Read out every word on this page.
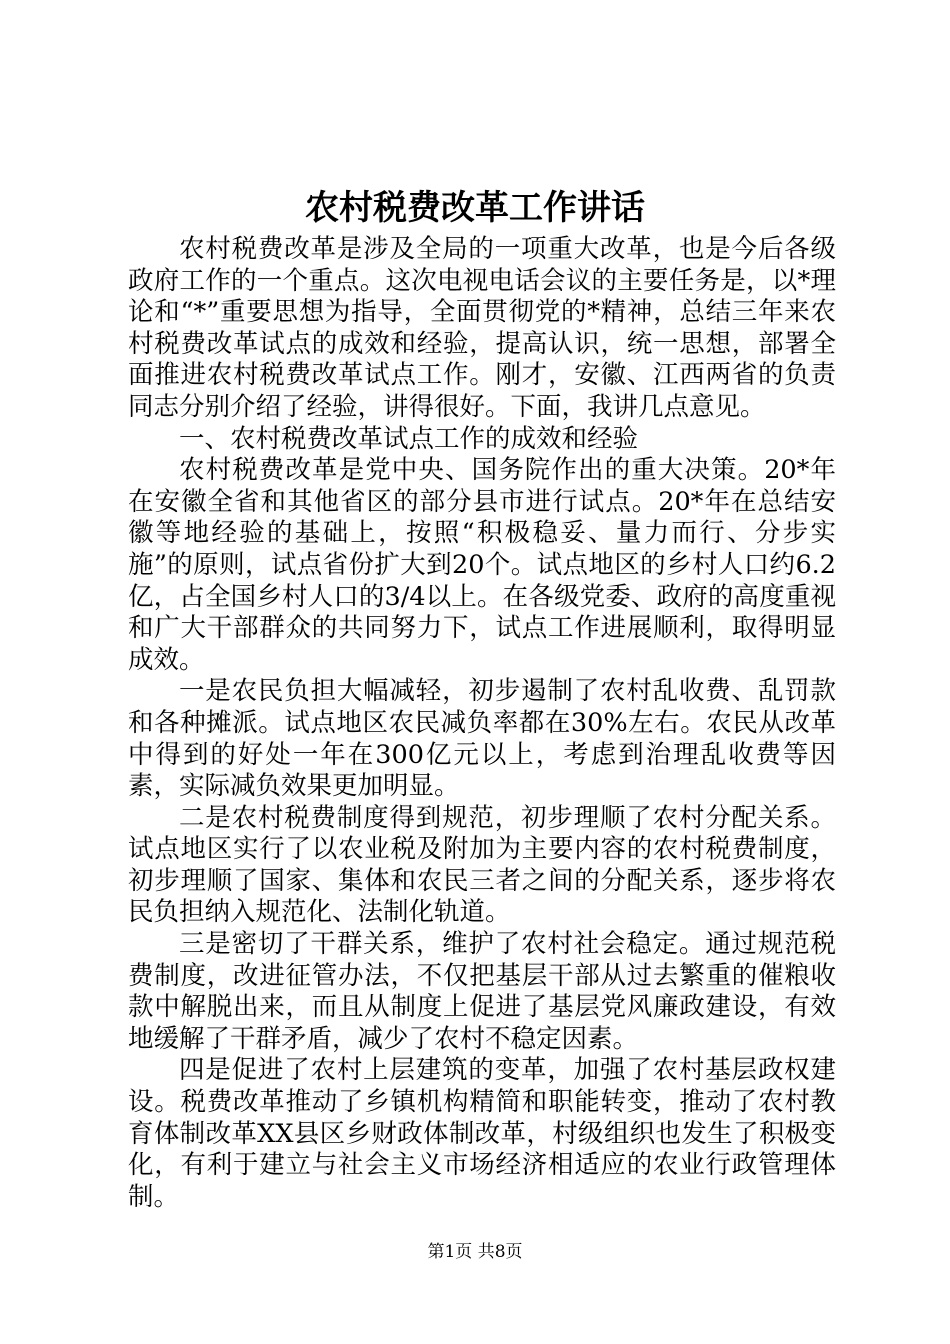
农村税费改革工作讲话

农村税费改革是涉及全局的一项重大改革，也是今后各级政府工作的一个重点。这次电视电话会议的主要任务是，以*理论和“*”重要思想为指导，全面贯彻党的*精神，总结三年来农村税费改革试点的成效和经验，提高认识，统一思想，部署全面推进农村税费改革试点工作。刚才，安徽、江西两省的负责同志分别介绍了经验，讲得很好。下面，我讲几点意见。

一、农村税费改革试点工作的成效和经验

农村税费改革是党中央、国务院作出的重大决策。20*年在安徽全省和其他省区的部分县市进行试点。20*年在总结安徽等地经验的基础上，按照“积极稳妥、量力而行、分步实施”的原则，试点省份扩大到20个。试点地区的乡村人口约6.2亿，占全国乡村人口的3/4以上。在各级党委、政府的高度重视和广大干部群众的共同努力下，试点工作进展顺利，取得明显成效。

一是农民负担大幅减轻，初步遏制了农村乱收费、乱罚款和各种摊派。试点地区农民减负率都在30%左右。农民从改革中得到的好处一年在300亿元以上，考虑到治理乱收费等因素，实际减负效果更加明显。

二是农村税费制度得到规范，初步理顺了农村分配关系。试点地区实行了以农业税及附加为主要内容的农村税费制度，初步理顺了国家、集体和农民三者之间的分配关系，逐步将农民负担纳入规范化、法制化轨道。

三是密切了干群关系，维护了农村社会稳定。通过规范税费制度，改进征管办法，不仅把基层干部从过去繁重的催粮收款中解脱出来，而且从制度上促进了基层党风廉政建设，有效地缓解了干群矛盾，减少了农村不稳定因素。

四是促进了农村上层建筑的变革，加强了农村基层政权建设。税费改革推动了乡镇机构精简和职能转变，推动了农村教育体制改革XX县区乡财政体制改革，村级组织也发生了积极变化，有利于建立与社会主义市场经济相适应的农业行政管理体制。

第1页 共8页
